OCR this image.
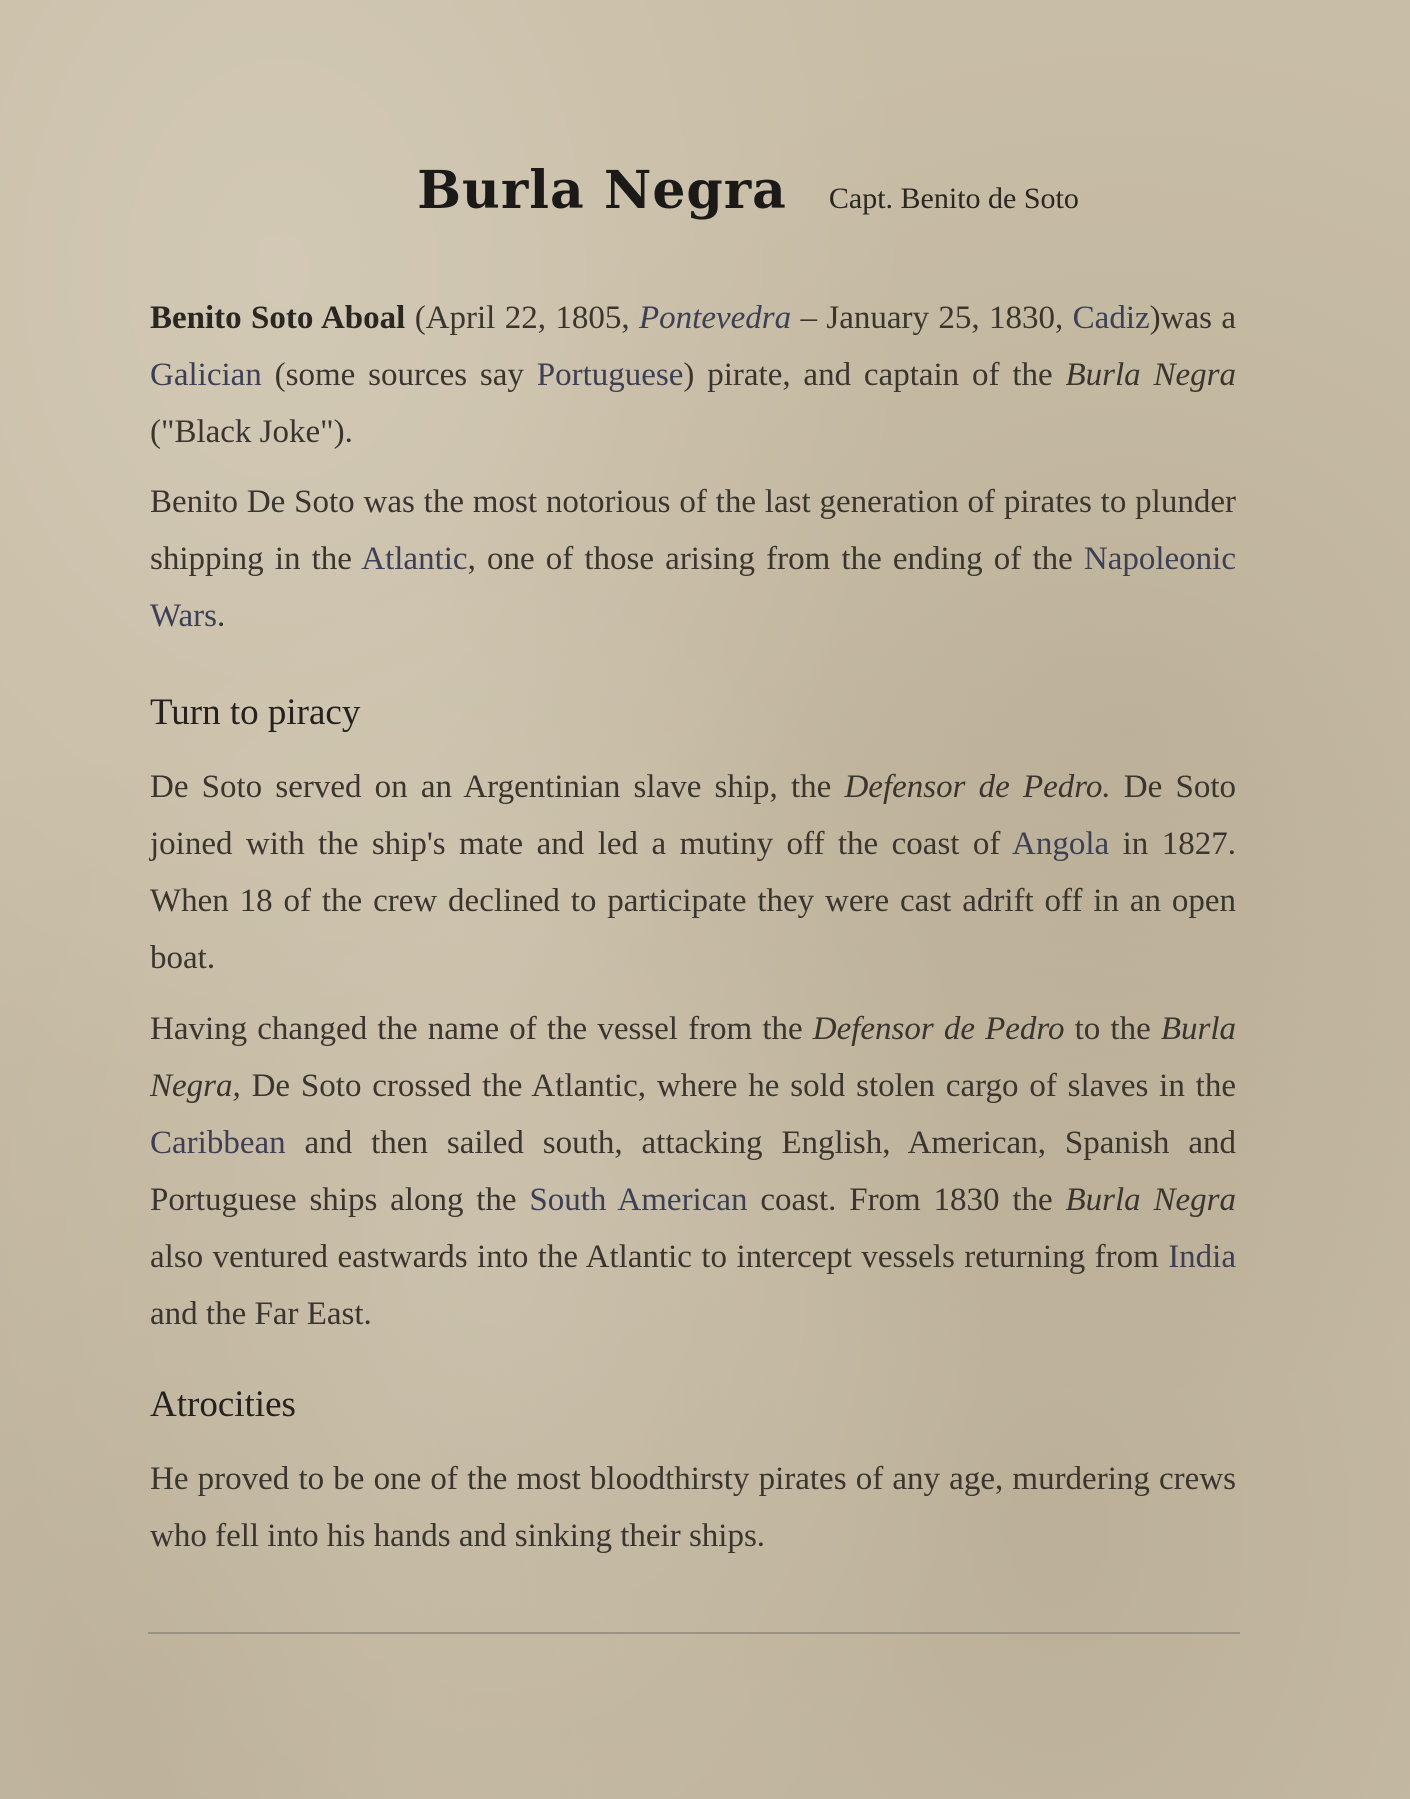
Burla Negra Capt. Benito de Soto

Benito Soto Aboal (April 22, 1805, Pontevedra – January 25, 1830, Cadiz)was a Galician (some sources say Portuguese) pirate, and captain of the Burla Negra ("Black Joke").

Benito De Soto was the most notorious of the last generation of pirates to plunder shipping in the Atlantic, one of those arising from the ending of the Napoleonic Wars.

Turn to piracy

De Soto served on an Argentinian slave ship, the Defensor de Pedro. De Soto joined with the ship's mate and led a mutiny off the coast of Angola in 1827. When 18 of the crew declined to participate they were cast adrift off in an open boat.

Having changed the name of the vessel from the Defensor de Pedro to the Burla Negra, De Soto crossed the Atlantic, where he sold stolen cargo of slaves in the Caribbean and then sailed south, attacking English, American, Spanish and Portuguese ships along the South American coast. From 1830 the Burla Negra also ventured eastwards into the Atlantic to intercept vessels returning from India and the Far East.

Atrocities

He proved to be one of the most bloodthirsty pirates of any age, murdering crews who fell into his hands and sinking their ships.
